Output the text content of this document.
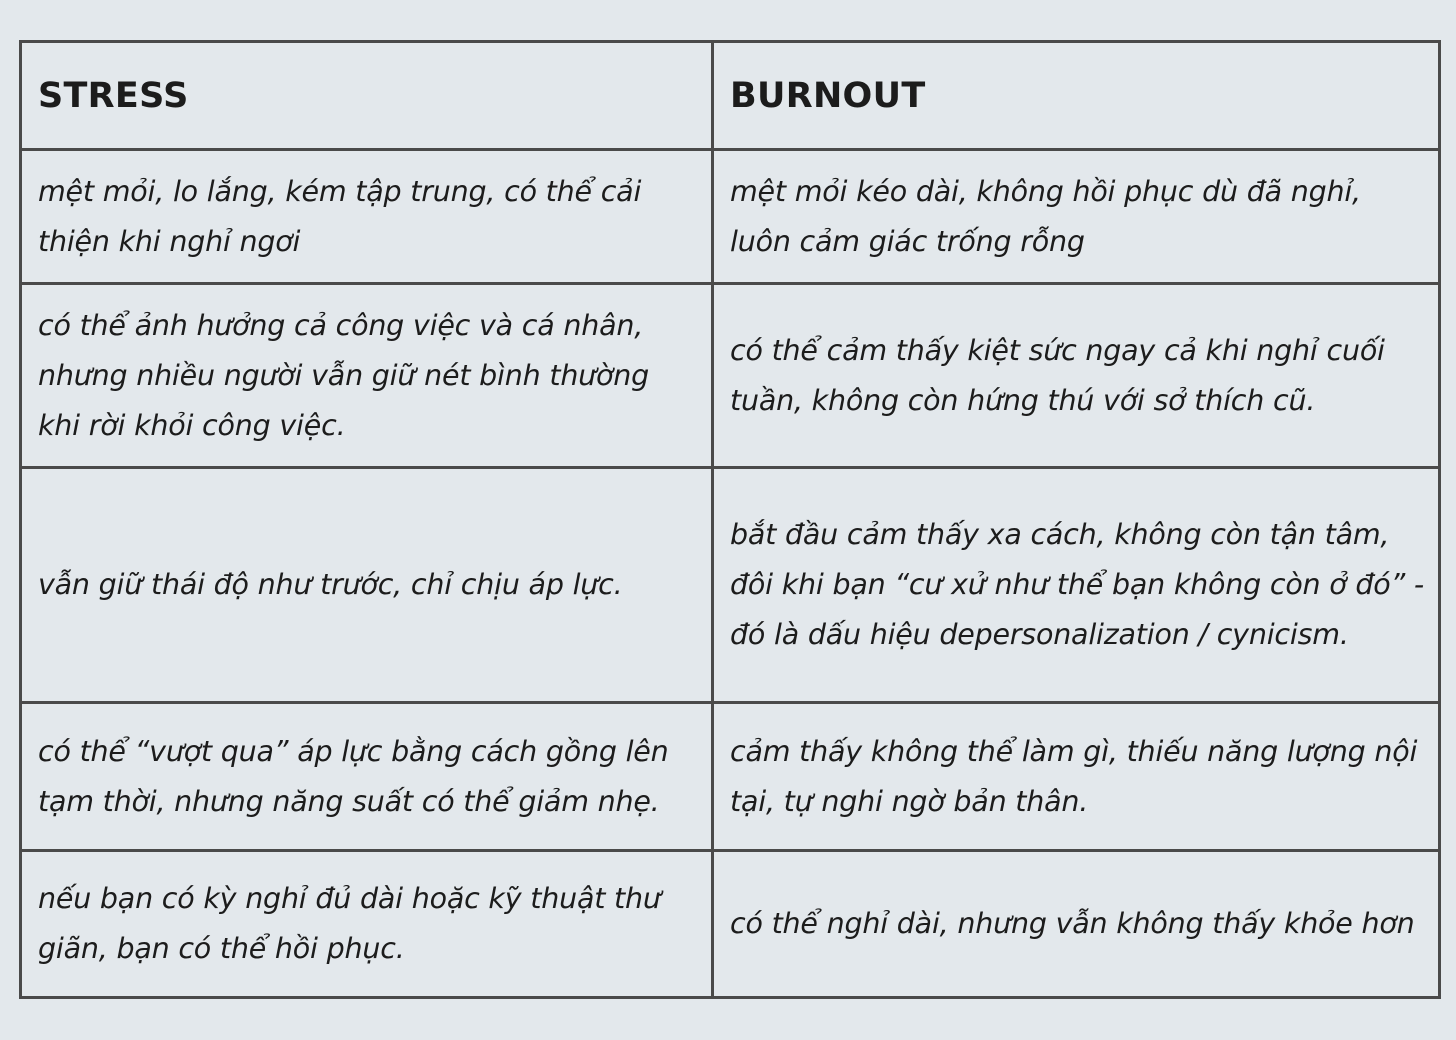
STRESS	BURNOUT
mệt mỏi, lo lắng, kém tập trung, có thể cải thiện khi nghỉ ngơi	mệt mỏi kéo dài, không hồi phục dù đã nghỉ, luôn cảm giác trống rỗng
có thể ảnh hưởng cả công việc và cá nhân, nhưng nhiều người vẫn giữ nét bình thường khi rời khỏi công việc.	có thể cảm thấy kiệt sức ngay cả khi nghỉ cuối tuần, không còn hứng thú với sở thích cũ.
vẫn giữ thái độ như trước, chỉ chịu áp lực.	bắt đầu cảm thấy xa cách, không còn tận tâm, đôi khi bạn “cư xử như thể bạn không còn ở đó” - đó là dấu hiệu depersonalization / cynicism.
có thể “vượt qua” áp lực bằng cách gồng lên tạm thời, nhưng năng suất có thể giảm nhẹ.	cảm thấy không thể làm gì, thiếu năng lượng nội tại, tự nghi ngờ bản thân.
nếu bạn có kỳ nghỉ đủ dài hoặc kỹ thuật thư giãn, bạn có thể hồi phục.	có thể nghỉ dài, nhưng vẫn không thấy khỏe hơn
